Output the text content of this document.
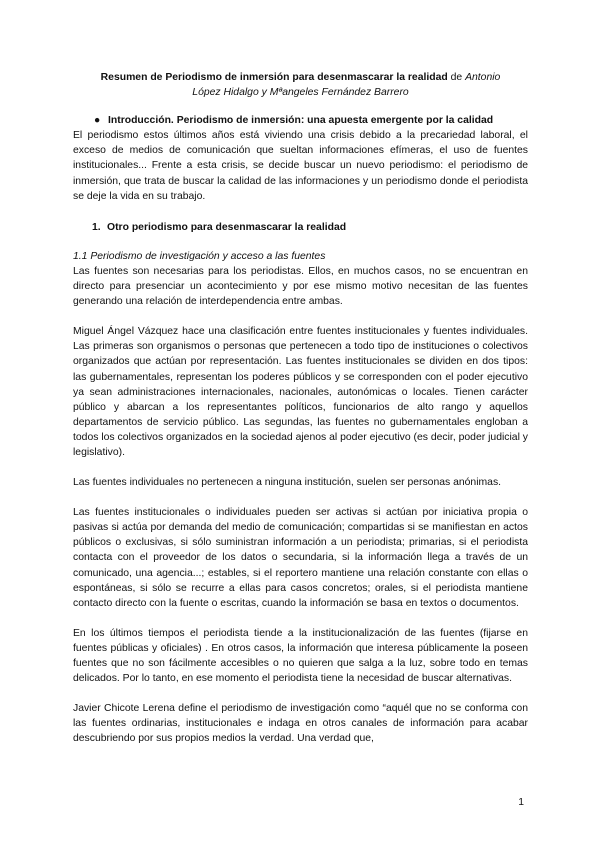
Resumen de Periodismo de inmersión para desenmascarar la realidad de Antonio
López Hidalgo y Mªangeles Fernández Barrero

● Introducción. Periodismo de inmersión: una apuesta emergente por la calidad

El periodismo estos últimos años está viviendo una crisis debido a la precariedad laboral, el exceso de medios de comunicación que sueltan informaciones efímeras, el uso de fuentes institucionales... Frente a esta crisis, se decide buscar un nuevo periodismo: el periodismo de inmersión, que trata de buscar la calidad de las informaciones y un periodismo donde el periodista se deje la vida en su trabajo.

1. Otro periodismo para desenmascarar la realidad

1.1 Periodismo de investigación y acceso a las fuentes

Las fuentes son necesarias para los periodistas. Ellos, en muchos casos, no se encuentran en directo para presenciar un acontecimiento y por ese mismo motivo necesitan de las fuentes generando una relación de interdependencia entre ambas.

Miguel Ángel Vázquez hace una clasificación entre fuentes institucionales y fuentes individuales. Las primeras son organismos o personas que pertenecen a todo tipo de instituciones o colectivos organizados que actúan por representación. Las fuentes institucionales se dividen en dos tipos: las gubernamentales, representan los poderes públicos y se corresponden con el poder ejecutivo ya sean administraciones internacionales, nacionales, autonómicas o locales. Tienen carácter público y abarcan a los representantes políticos, funcionarios de alto rango y aquellos departamentos de servicio público. Las segundas, las fuentes no gubernamentales engloban a todos los colectivos organizados en la sociedad ajenos al poder ejecutivo (es decir, poder judicial y legislativo).

Las fuentes individuales no pertenecen a ninguna institución, suelen ser personas anónimas.

Las fuentes institucionales o individuales pueden ser activas si actúan por iniciativa propia o pasivas si actúa por demanda del medio de comunicación; compartidas si se manifiestan en actos públicos o exclusivas, si sólo suministran información a un periodista; primarias, si el periodista contacta con el proveedor de los datos o secundaria, si la información llega a través de un comunicado, una agencia...; estables, si el reportero mantiene una relación constante con ellas o espontáneas, si sólo se recurre a ellas para casos concretos; orales, si el periodista mantiene contacto directo con la fuente o escritas, cuando la información se basa en textos o documentos.

En los últimos tiempos el periodista tiende a la institucionalización de las fuentes (fijarse en fuentes públicas y oficiales) . En otros casos, la información que interesa públicamente la poseen fuentes que no son fácilmente accesibles o no quieren que salga a la luz, sobre todo en temas delicados. Por lo tanto, en ese momento el periodista tiene la necesidad de buscar alternativas.

Javier Chicote Lerena define el periodismo de investigación como “aquél que no se conforma con las fuentes ordinarias, institucionales e indaga en otros canales de información para acabar descubriendo por sus propios medios la verdad. Una verdad que,

1
